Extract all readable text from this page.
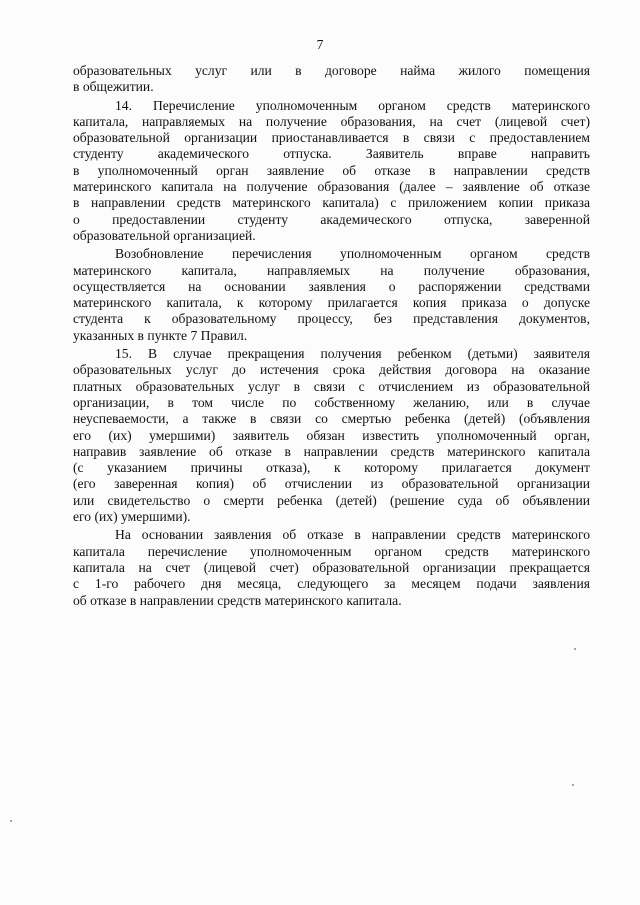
7
образовательных услуг или в договоре найма жилого помещения
в общежитии.
14. Перечисление уполномоченным органом средств материнского
капитала, направляемых на получение образования, на счет (лицевой счет)
образовательной организации приостанавливается в связи с предоставлением
студенту академического отпуска. Заявитель вправе направить
в уполномоченный орган заявление об отказе в направлении средств
материнского капитала на получение образования (далее – заявление об отказе
в направлении средств материнского капитала) с приложением копии приказа
о предоставлении студенту академического отпуска, заверенной
образовательной организацией.
Возобновление перечисления уполномоченным органом средств
материнского капитала, направляемых на получение образования,
осуществляется на основании заявления о распоряжении средствами
материнского капитала, к которому прилагается копия приказа о допуске
студента к образовательному процессу, без представления документов,
указанных в пункте 7 Правил.
15. В случае прекращения получения ребенком (детьми) заявителя
образовательных услуг до истечения срока действия договора на оказание
платных образовательных услуг в связи с отчислением из образовательной
организации, в том числе по собственному желанию, или в случае
неуспеваемости, а также в связи со смертью ребенка (детей) (объявления
его (их) умершими) заявитель обязан известить уполномоченный орган,
направив заявление об отказе в направлении средств материнского капитала
(с указанием причины отказа), к которому прилагается документ
(его заверенная копия) об отчислении из образовательной организации
или свидетельство о смерти ребенка (детей) (решение суда об объявлении
его (их) умершими).
На основании заявления об отказе в направлении средств материнского
капитала перечисление уполномоченным органом средств материнского
капитала на счет (лицевой счет) образовательной организации прекращается
с 1-го рабочего дня месяца, следующего за месяцем подачи заявления
об отказе в направлении средств материнского капитала.
